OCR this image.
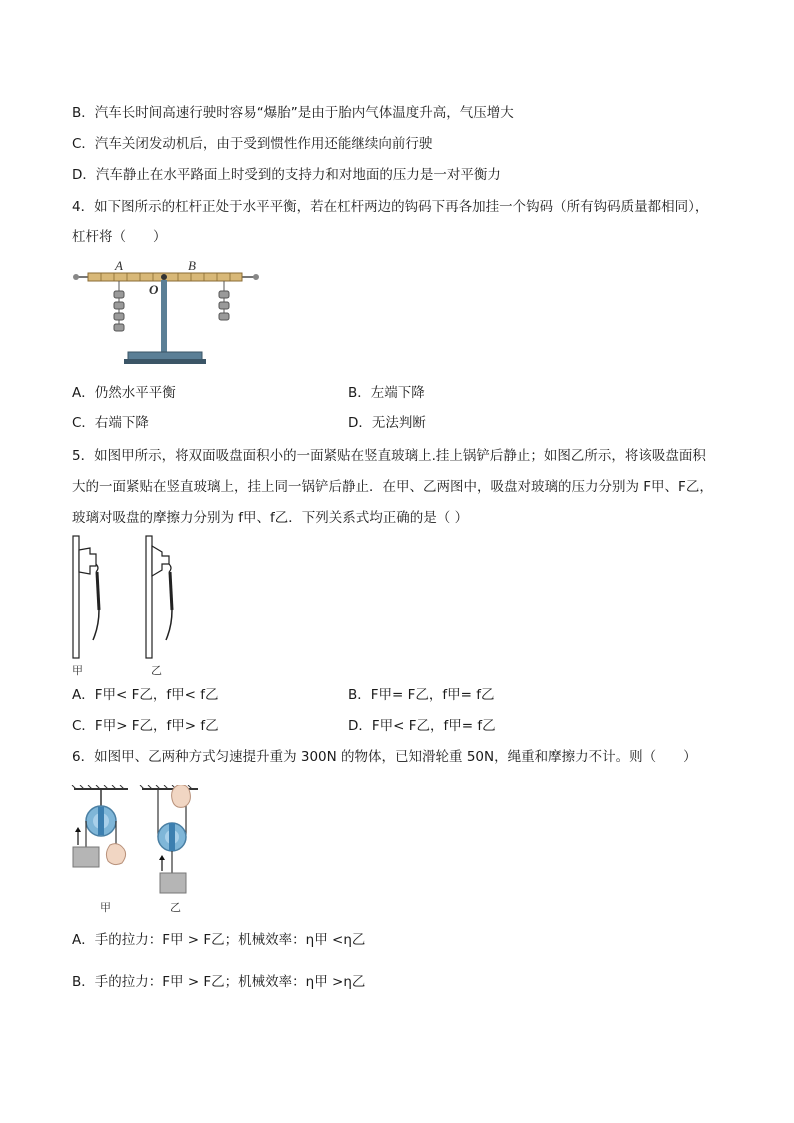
B．汽车长时间高速行驶时容易“爆胎”是由于胎内气体温度升高，气压增大
C．汽车关闭发动机后，由于受到惯性作用还能继续向前行驶
D．汽车静止在水平路面上时受到的支持力和对地面的压力是一对平衡力
4．如下图所示的杠杆正处于水平平衡，若在杠杆两边的钩码下再各加挂一个钩码（所有钩码质量都相同），
杠杆将（　　）
A	B
O
A．仍然水平平衡	B．左端下降
C．右端下降	D．无法判断
5．如图甲所示，将双面吸盘面积小的一面紧贴在竖直玻璃上.挂上锅铲后静止；如图乙所示，将该吸盘面积
大的一面紧贴在竖直玻璃上，挂上同一锅铲后静止．在甲、乙两图中，吸盘对玻璃的压力分别为 F甲、F乙，
玻璃对吸盘的摩擦力分别为 f甲、f乙．下列关系式均正确的是（ ）
甲	乙
A．F甲< F乙，f甲< f乙	B．F甲= F乙，f甲= f乙
C．F甲> F乙，f甲> f乙	D．F甲< F乙，f甲= f乙
6．如图甲、乙两种方式匀速提升重为 300N 的物体，已知滑轮重 50N，绳重和摩擦力不计。则（　　）
甲	乙
A．手的拉力：F甲 > F乙；机械效率：η甲 <η乙
B．手的拉力：F甲 > F乙；机械效率：η甲 >η乙
